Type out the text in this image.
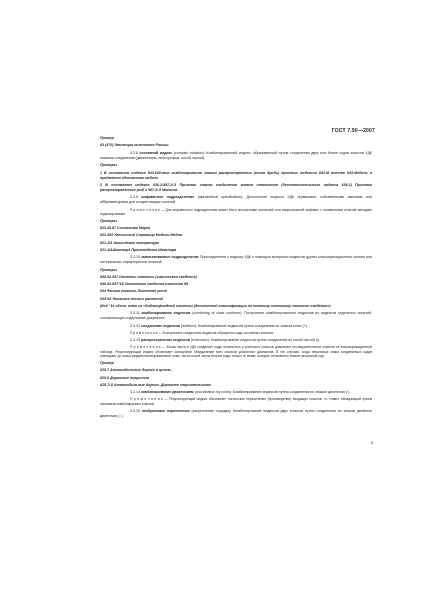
ГОСТ 7.90—2007

Пример

63 (470) Эволюция колонитов России

3.3.8 составной индекс (complex notation): Комбинированный индекс, образованный путем соединения двух или более кодов классов УДК знаками соединения (двоеточием, апострофом, косой чертой).

Примеры

1 В составном индексе 843.645:тип комбинирования знаком распространения (косая дробь) простых индексов 843.М вместо 843.Мебель и предметов обстановки мебель.

2 В составном индексе 636.2:597.2/.5 Признаки знаком соединения знаком отношения (безотносительного индекса 636.2) Признаки распространённые рыб к 597.2/.5 Мясным.

3.3.9 алфавитное подразделение (alphabetical specification): Дополнение индекса УДК терминами, собственными именами или аббревиатурами для конкретизации понятий.

П р и м е ч а н и е — Для алфавитного подразделения может быть использован латинский или национальный алфавит с оглавлением понятий методике индексирования.

Примеры

623.45.67 Системная Марка

623.454 Увесистый Страница Модели Медиа

821.111 Английская литература

821.111Шекспир4 Произведения Шекспира

3.3.10 заимствованное подразделение Присоединение к индексу УДК с помощью астериска индексов других классификационных систем или литеральных характеристик понятий.

Примеры

546.92-637 Изотопы платины (химическая сведения)

546.92-637*18 Химические сведения изотопов 85

634 Физика космоса. Листовой рост

634*16 Экология лесных растений

(Кой "16 обозн. взят из «библиофондной системы (десятичной классификации по темному ключевому значению сведения»)

3.3.11 комбинирование индексов (combining of class numbers): Построение комбинированных индексов из индексов отдельных понятий, составляющих содержание документа.

3.3.12 соединение индексов (addition): Комбинирование индексов путем соединения их знаком плюс (+).

П р и м е ч а н и е — В результате соединения индексов образуется коды составных классов.

3.3.13 распространение индексов (extension): Комбинирование индексов путем соединения их косой чертой (/).

П р и м е ч а н и е — Косая черта в УДК соединяет коды начального и конечного классов диапазона последовательных классов по классификационной таблице. Результирующий индекс обозначает совокупное объединение всех классов указанного диапазона. В тех случаях, когда начальные знаки соединяемых кодов совпадают до знака разделения выражаемый точке, после косой черты вторые коды только те знаки, которые отличаются знаков начальный код.

Пример

625.7 Автомобильные дороги в целом...

625.8 Дорожные покрытия

625.7/.8 Автомобильные дороги. Дорожное строительство

3.3.14 комбинирование двоеточием (coordination by colon): Комбинирование индексов путем соединения их знаком двоеточия (:).

П р и м е ч а н и е — Результирующий индекс обозначает логическое пересечение (произведение) входящих классов, то ставит, обладающий прием признаков комбинируемых классов.

3.3.15 необратимое пересечение (закрепление порядка): Комбинирование индексов двух классов путем соединения их знаком двойного двоеточия (::).

5
